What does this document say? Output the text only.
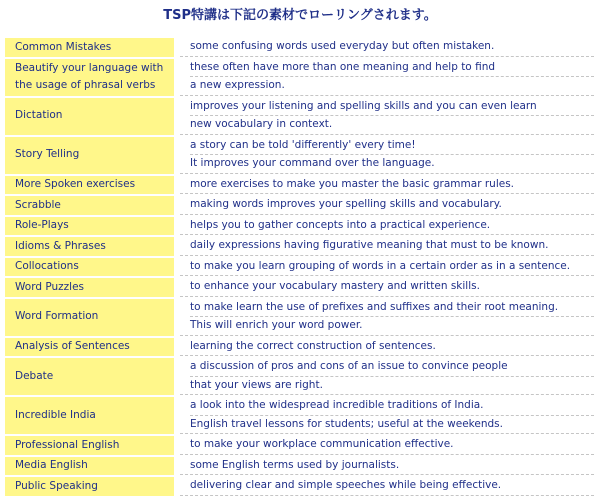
TSP特講は下記の素材でローリングされます。
Common Mistakes	some confusing words used everyday but often mistaken.

Beautify your language with
the usage of phrasal verbs	these often have more than one meaning and help to find
a new expression.

Dictation	improves your listening and spelling skills and you can even learn
new vocabulary in context.

Story Telling	a story can be told 'differently' every time!
It improves your command over the language.

More Spoken exercises	more exercises to make you master the basic grammar rules.

Scrabble	making words improves your spelling skills and vocabulary.

Role-Plays	helps you to gather concepts into a practical experience.

Idioms & Phrases	daily expressions having figurative meaning that must to be known.

Collocations	to make you learn grouping of words in a certain order as in a sentence.

Word Puzzles	to enhance your vocabulary mastery and written skills.

Word Formation	to make learn the use of prefixes and suffixes and their root meaning.
This will enrich your word power.

Analysis of Sentences	learning the correct construction of sentences.

Debate	a discussion of pros and cons of an issue to convince people
that your views are right.

Incredible India	a look into the widespread incredible traditions of India.
English travel lessons for students; useful at the weekends.

Professional English	to make your workplace communication effective.

Media English	some English terms used by journalists.

Public Speaking	delivering clear and simple speeches while being effective.
